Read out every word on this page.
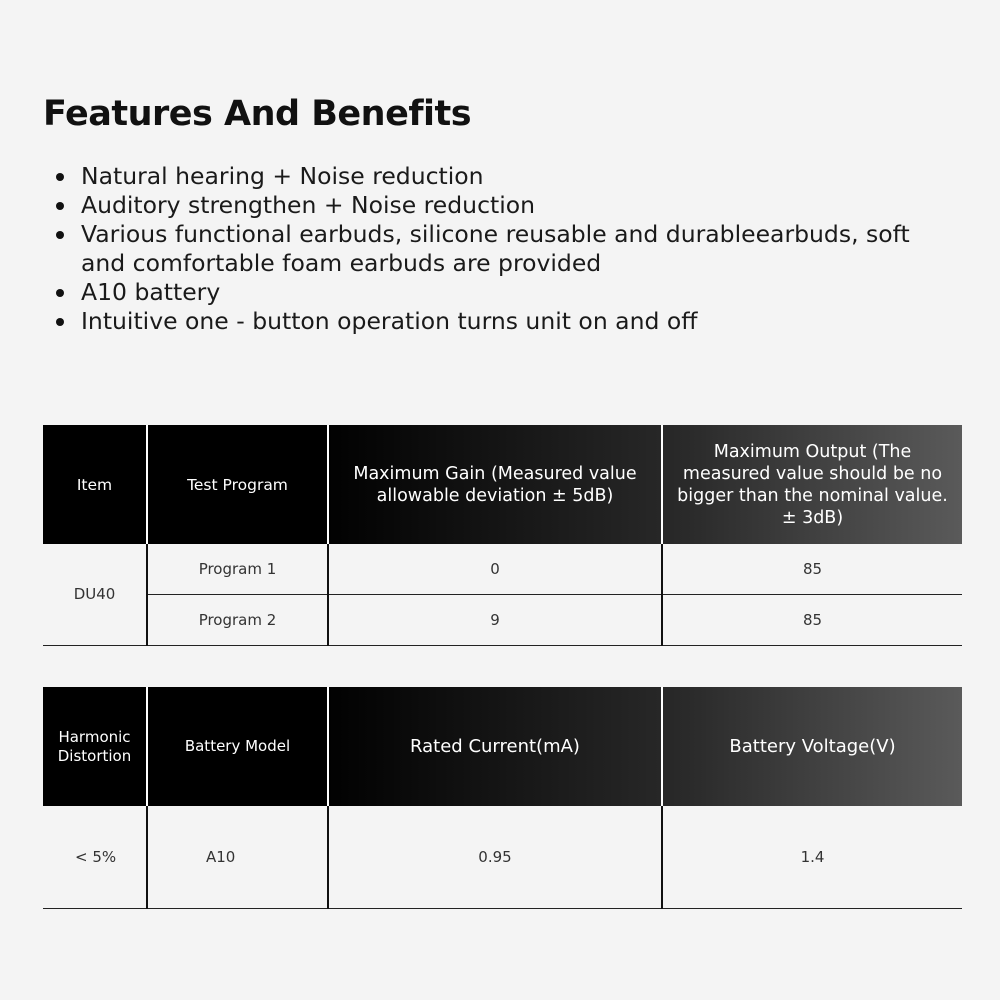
Features And Benefits
Natural hearing + Noise reduction
Auditory strengthen + Noise reduction
Various functional earbuds, silicone reusable and durableearbuds, soft and comfortable foam earbuds are provided
A10 battery
Intuitive one - button operation turns unit on and off
Item	Test Program	Maximum Gain (Measured value allowable deviation ± 5dB)	Maximum Output (The measured value should be no bigger than the nominal value. ± 3dB)
DU40	Program 1	0	85
	Program 2	9	85
Harmonic Distortion	Battery Model	Rated Current(mA)	Battery Voltage(V)
< 5%	A10	0.95	1.4
